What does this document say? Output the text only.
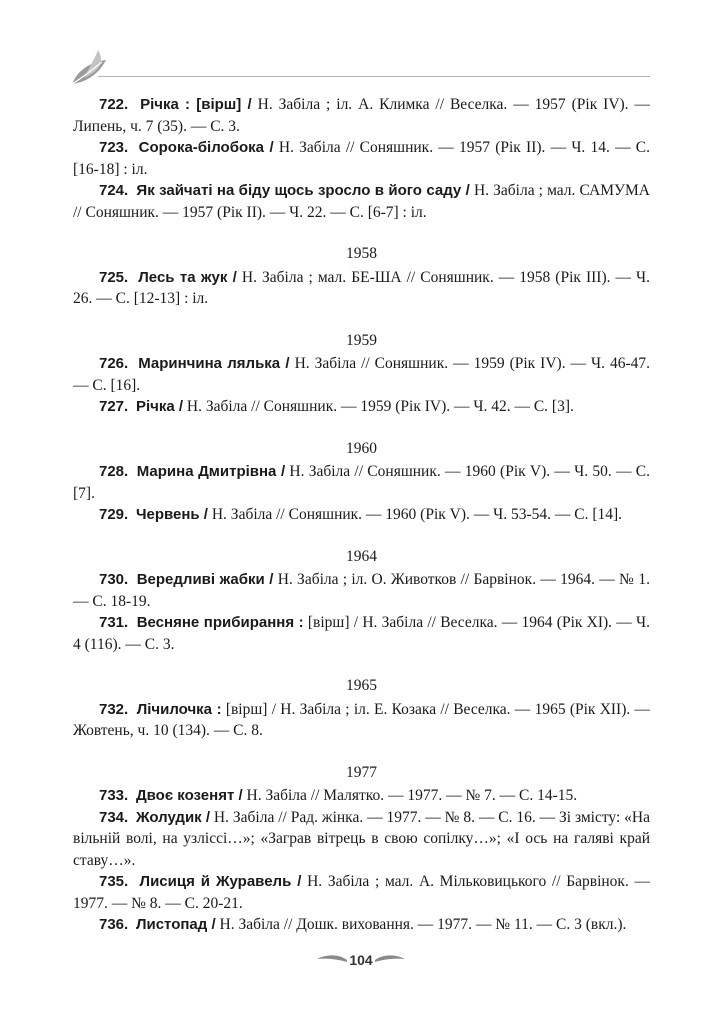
722. Річка : [вірш] / Н. Забіла ; іл. А. Климка // Веселка. — 1957 (Рік IV). — Липень, ч. 7 (35). — С. 3.

723. Сорока-білобока / Н. Забіла // Соняшник. — 1957 (Рік II). — Ч. 14. — С. [16-18] : іл.

724. Як зайчаті на біду щось зросло в його саду / Н. Забіла ; мал. САМУМА // Соняшник. — 1957 (Рік II). — Ч. 22. — С. [6-7] : іл.

1958

725. Лесь та жук / Н. Забіла ; мал. БЕ-ША // Соняшник. — 1958 (Рік III). — Ч. 26. — С. [12-13] : іл.

1959

726. Маринчина лялька / Н. Забіла // Соняшник. — 1959 (Рік IV). — Ч. 46-47. — С. [16].

727. Річка / Н. Забіла // Соняшник. — 1959 (Рік IV). — Ч. 42. — С. [3].

1960

728. Марина Дмитрівна / Н. Забіла // Соняшник. — 1960 (Рік V). — Ч. 50. — С. [7].

729. Червень / Н. Забіла // Соняшник. — 1960 (Рік V). — Ч. 53-54. — С. [14].

1964

730. Вередливі жабки / Н. Забіла ; іл. О. Животков // Барвінок. — 1964. — № 1. — С. 18-19.

731. Весняне прибирання : [вірш] / Н. Забіла // Веселка. — 1964 (Рік XI). — Ч. 4 (116). — С. 3.

1965

732. Лічилочка : [вірш] / Н. Забіла ; іл. Е. Козака // Веселка. — 1965 (Рік XII). — Жовтень, ч. 10 (134). — С. 8.

1977

733. Двоє козенят / Н. Забіла // Малятко. — 1977. — № 7. — С. 14-15.

734. Жолудик / Н. Забіла // Рад. жінка. — 1977. — № 8. — С. 16. — Зі змісту: «На вільній волі, на узліссі…»; «Заграв вітрець в свою сопілку…»; «І ось на галяві край ставу…».

735. Лисиця й Журавель / Н. Забіла ; мал. А. Мільковицького // Барвінок. — 1977. — № 8. — С. 20-21.

736. Листопад / Н. Забіла // Дошк. виховання. — 1977. — № 11. — С. 3 (вкл.).

104
